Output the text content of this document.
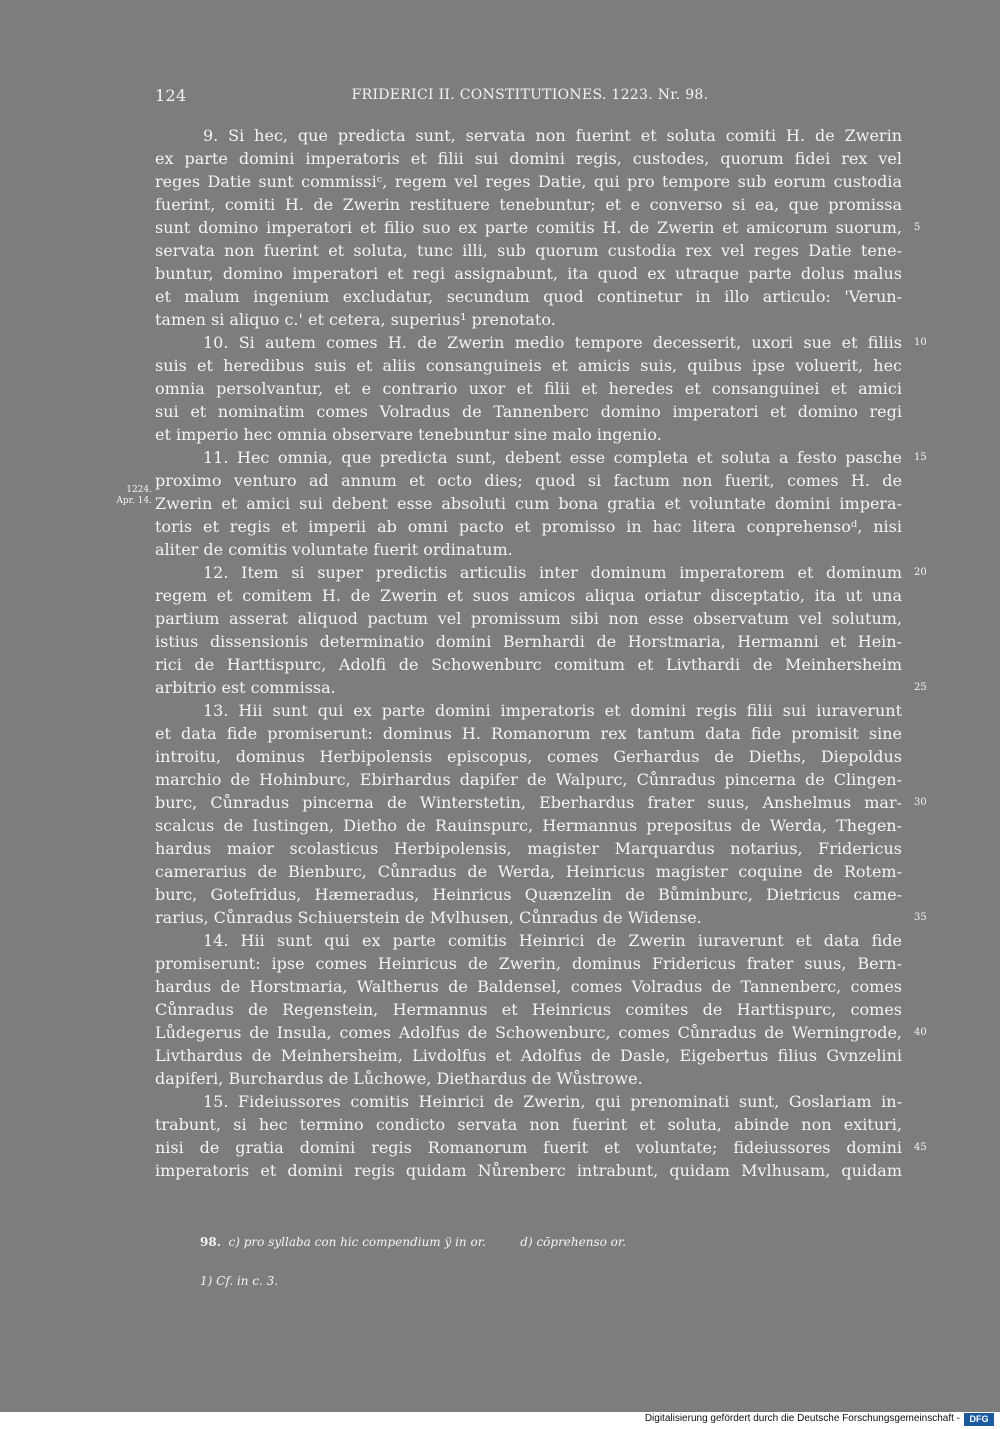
124	FRIDERICI II. CONSTITUTIONES. 1223. Nr. 98.
9. Si hec, que predicta sunt, servata non fuerint et soluta comiti H. de Zwerin
ex parte domini imperatoris et filii sui domini regis, custodes, quorum fidei rex vel
reges Datie sunt commissiᶜ, regem vel reges Datie, qui pro tempore sub eorum custodia
fuerint, comiti H. de Zwerin restituere tenebuntur; et e converso si ea, que promissa
sunt domino imperatori et filio suo ex parte comitis H. de Zwerin et amicorum suorum,
servata non fuerint et soluta, tunc illi, sub quorum custodia rex vel reges Datie tene-
buntur, domino imperatori et regi assignabunt, ita quod ex utraque parte dolus malus
et malum ingenium excludatur, secundum quod continetur in illo articulo: 'Verun-
tamen si aliquo c.' et cetera, superius¹ prenotato.
10. Si autem comes H. de Zwerin medio tempore decesserit, uxori sue et filiis
suis et heredibus suis et aliis consanguineis et amicis suis, quibus ipse voluerit, hec
omnia persolvantur, et e contrario uxor et filii et heredes et consanguinei et amici
sui et nominatim comes Volradus de Tannenberc domino imperatori et domino regi
et imperio hec omnia observare tenebuntur sine malo ingenio.
11. Hec omnia, que predicta sunt, debent esse completa et soluta a festo pasche
proximo venturo ad annum et octo dies; quod si factum non fuerit, comes H. de
Zwerin et amici sui debent esse absoluti cum bona gratia et voluntate domini impera-
toris et regis et imperii ab omni pacto et promisso in hac litera conprehensoᵈ, nisi
aliter de comitis voluntate fuerit ordinatum.
12. Item si super predictis articulis inter dominum imperatorem et dominum
regem et comitem H. de Zwerin et suos amicos aliqua oriatur disceptatio, ita ut una
partium asserat aliquod pactum vel promissum sibi non esse observatum vel solutum,
istius dissensionis determinatio domini Bernhardi de Horstmaria, Hermanni et Hein-
rici de Harttispurc, Adolfi de Schowenburc comitum et Livthardi de Meinhersheim
arbitrio est commissa.
13. Hii sunt qui ex parte domini imperatoris et domini regis filii sui iuraverunt
et data fide promiserunt: dominus H. Romanorum rex tantum data fide promisit sine
introitu, dominus Herbipolensis episcopus, comes Gerhardus de Dieths, Diepoldus
marchio de Hohinburc, Ebirhardus dapifer de Walpurc, Cůnradus pincerna de Clingen-
burc, Cůnradus pincerna de Winterstetin, Eberhardus frater suus, Anshelmus mar-
scalcus de Iustingen, Dietho de Rauinspurc, Hermannus prepositus de Werda, Thegen-
hardus maior scolasticus Herbipolensis, magister Marquardus notarius, Fridericus
camerarius de Bienburc, Cůnradus de Werda, Heinricus magister coquine de Rotem-
burc, Gotefridus, Hæmeradus, Heinricus Quænzelin de Bůminburc, Dietricus came-
rarius, Cůnradus Schiuerstein de Mvlhusen, Cůnradus de Widense.
14. Hii sunt qui ex parte comitis Heinrici de Zwerin iuraverunt et data fide
promiserunt: ipse comes Heinricus de Zwerin, dominus Fridericus frater suus, Bern-
hardus de Horstmaria, Waltherus de Baldensel, comes Volradus de Tannenberc, comes
Cůnradus de Regenstein, Hermannus et Heinricus comites de Harttispurc, comes
Lůdegerus de Insula, comes Adolfus de Schowenburc, comes Cůnradus de Werningrode,
Livthardus de Meinhersheim, Livdolfus et Adolfus de Dasle, Eigebertus filius Gvnzelini
dapiferi, Burchardus de Lůchowe, Diethardus de Wůstrowe.
15. Fideiussores comitis Heinrici de Zwerin, qui prenominati sunt, Goslariam in-
trabunt, si hec termino condicto servata non fuerint et soluta, abinde non exituri,
nisi de gratia domini regis Romanorum fuerit et voluntate; fideiussores domini
imperatoris et domini regis quidam Nůrenberc intrabunt, quidam Mvlhusam, quidam
5
10
15
20
25
30
35
40
45
1224.
Apr. 14.
98. c) pro syllaba con hic compendium ÿ in or.	d) cōprehenso or.
1) Cf. in c. 3.
Digitalisierung gefördert durch die Deutsche Forschungsgemeinschaft -	DFG
